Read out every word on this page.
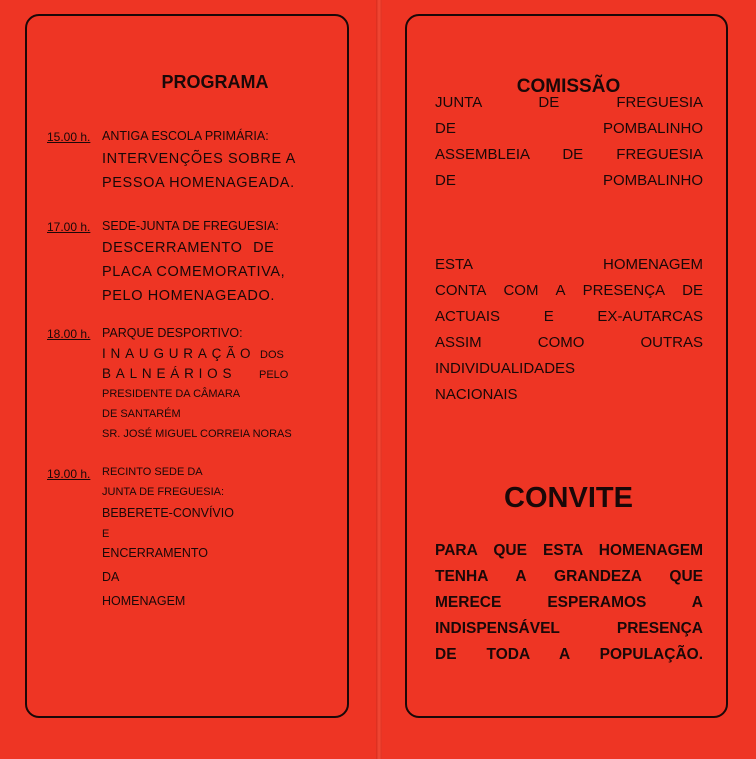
PROGRAMA
15.00 h. ANTIGA ESCOLA PRIMÁRIA:
INTERVENÇÕES SOBRE A
PESSOA HOMENAGEADA.
17.00 h. SEDE-JUNTA DE FREGUESIA:
DESCERRAMENTO DE
PLACA COMEMORATIVA,
PELO HOMENAGEADO.
18.00 h. PARQUE DESPORTIVO:
INAUGURAÇÃO DOS
BALNEÁRIOS PELO
PRESIDENTE DA CÂMARA
DE SANTARÉM
SR. JOSÉ MIGUEL CORREIA NORAS
19.00 h. RECINTO SEDE DA
JUNTA DE FREGUESIA:
BEBERETE-CONVÍVIO
E
ENCERRAMENTO
DA
HOMENAGEM
COMISSÃO
JUNTA DE FREGUESIA
DE POMBALINHO
ASSEMBLEIA DE FREGUESIA
DE POMBALINHO
ESTA HOMENAGEM
CONTA COM A PRESENÇA DE
ACTUAIS E EX-AUTARCAS
ASSIM COMO OUTRAS
INDIVIDUALIDADES
NACIONAIS
CONVITE
PARA QUE ESTA HOMENAGEM
TENHA A GRANDEZA QUE
MERECE ESPERAMOS A
INDISPENSÁVEL PRESENÇA
DE TODA A POPULAÇÃO.
